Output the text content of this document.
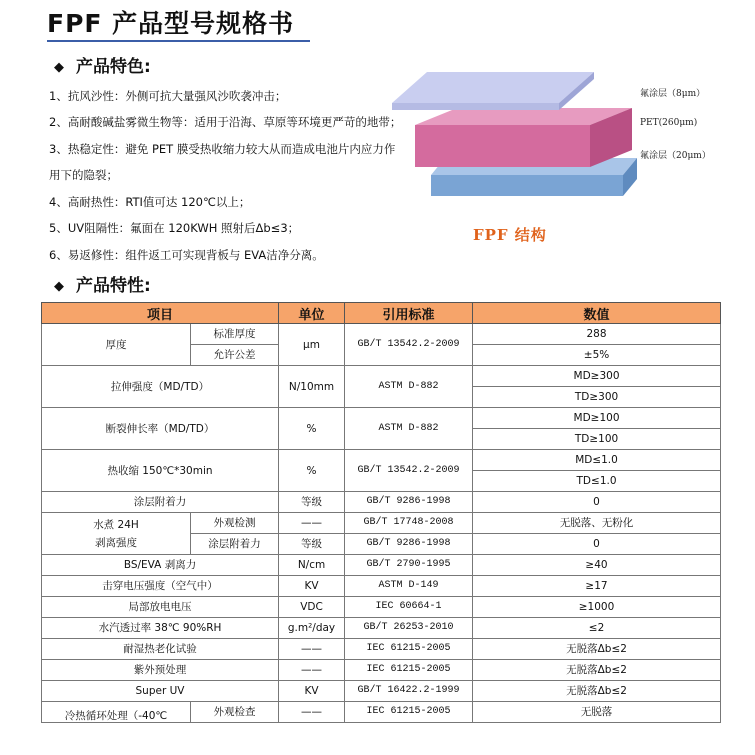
FPF 产品型号规格书
◆ 产品特色:
1、抗风沙性：外侧可抗大量强风沙吹袭冲击；
2、高耐酸碱盐雾微生物等：适用于沿海、草原等环境更严苛的地带；
3、热稳定性：避免 PET 膜受热收缩力较大从而造成电池片内应力作
用下的隐裂；
4、高耐热性：RTI值可达 120℃以上；
5、UV阻隔性：氟面在 120KWH 照射后Δb≤3；
6、易返修性：组件返工可实现背板与 EVA洁净分离。
氟涂层（8μm）
PET(260μm)
氟涂层（20μm）
FPF 结构
◆ 产品特性:
项目		单位	引用标准	数值
厚度	标准厚度	μm	GB/T 13542.2-2009	288
	允许公差			±5%
拉伸强度（MD/TD）		N/10mm	ASTM D-882	MD≥300
				TD≥300
断裂伸长率（MD/TD）		%	ASTM D-882	MD≥100
				TD≥100
热收缩 150℃*30min		%	GB/T 13542.2-2009	MD≤1.0
				TD≤1.0
涂层附着力		等级	GB/T 9286-1998	0

水煮 24H
剥离强度	外观检测	——	GB/T 17748-2008	无脱落、无粉化
	涂层附着力	等级	GB/T 9286-1998	0
BS/EVA 剥离力		N/cm	GB/T 2790-1995	≥40
击穿电压强度（空气中）		KV	ASTM D-149	≥17
局部放电电压		VDC	IEC 60664-1	≥1000
水汽透过率 38℃ 90%RH		g.m²/day	GB/T 26253-2010	≤2
耐湿热老化试验		——	IEC 61215-2005	无脱落Δb≤2
紫外预处理		——	IEC 61215-2005	无脱落Δb≤2
Super UV		KV	GB/T 16422.2-1999	无脱落Δb≤2
冷热循环处理（-40℃	外观检查	——	IEC 61215-2005	无脱落
